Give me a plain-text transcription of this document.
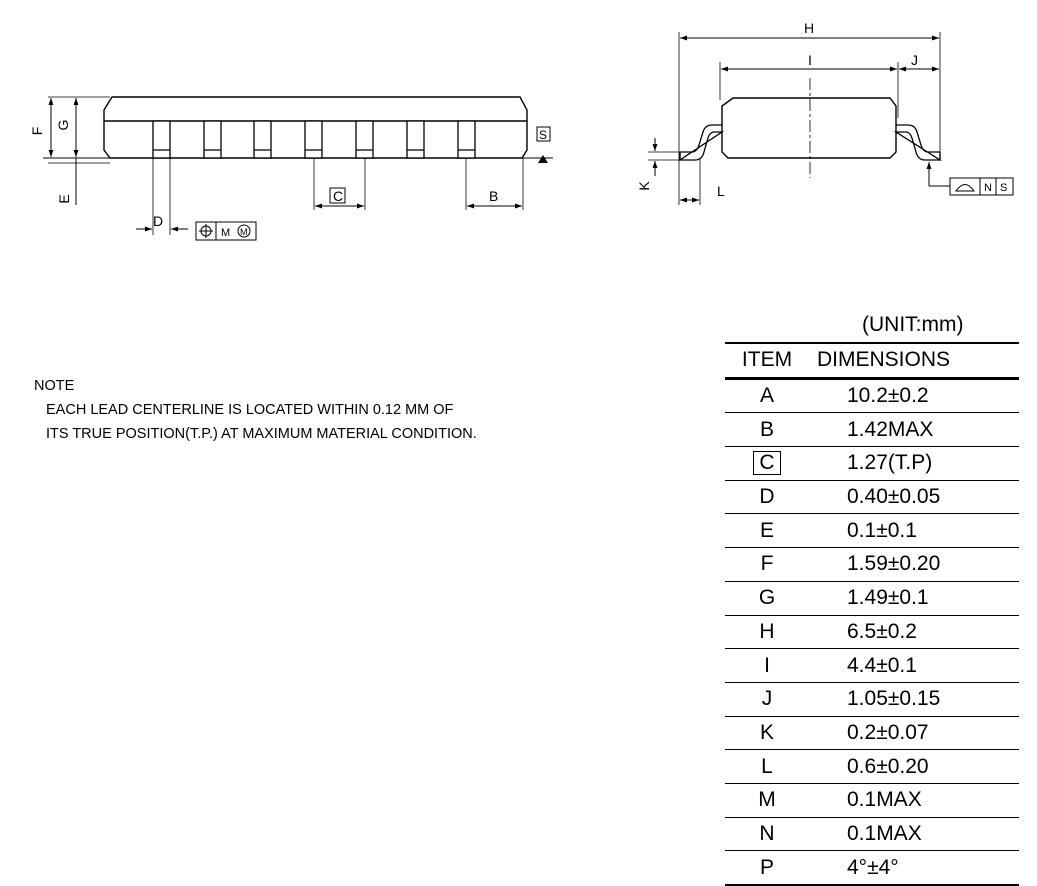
F
G
E
D
C	B
S
M M
H
I	J
K	L	N S
NOTE
EACH LEAD CENTERLINE IS LOCATED WITHIN 0.12 MM OF
ITS TRUE POSITION(T.P.) AT MAXIMUM MATERIAL CONDITION.
(UNIT:mm)
ITEM	DIMENSIONS
A	10.2±0.2
B	1.42MAX
C	1.27(T.P)
D	0.40±0.05
E	0.1±0.1
F	1.59±0.20
G	1.49±0.1
H	6.5±0.2
I	4.4±0.1
J	1.05±0.15
K	0.2±0.07
L	0.6±0.20
M	0.1MAX
N	0.1MAX
P	4°±4°
